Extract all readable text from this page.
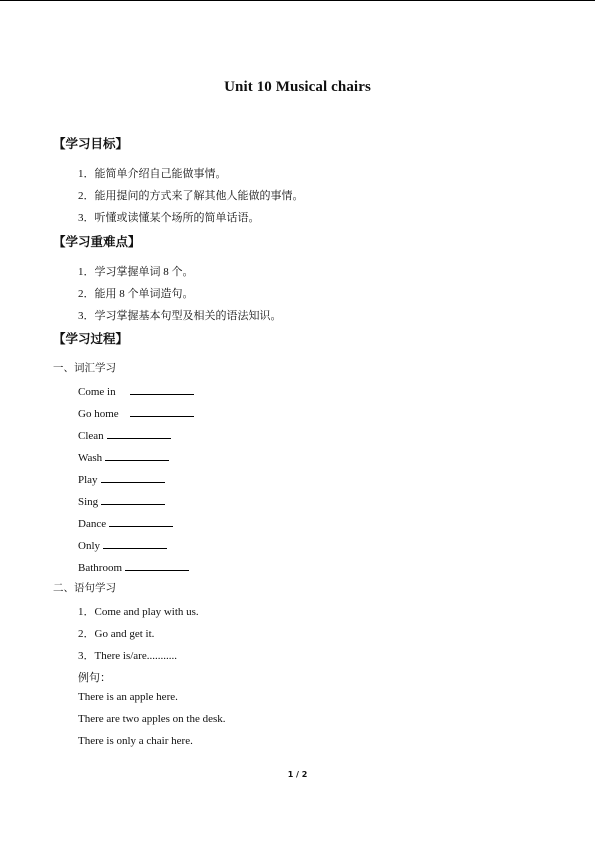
Unit 10 Musical chairs
【学习目标】
1．能简单介绍自己能做事情。
2．能用提问的方式来了解其他人能做的事情。
3．听懂或读懂某个场所的简单话语。
【学习重难点】
1．学习掌握单词 8 个。
2．能用 8 个单词造句。
3．学习掌握基本句型及相关的语法知识。
【学习过程】
一、词汇学习
Come in
Go home
Clean
Wash
Play
Sing
Dance
Only
Bathroom
二、语句学习
1．Come and play with us.
2．Go and get it.
3．There is/are...........
例句：
There is an apple here.
There are two apples on the desk.
There is only a chair here.
1 / 2
